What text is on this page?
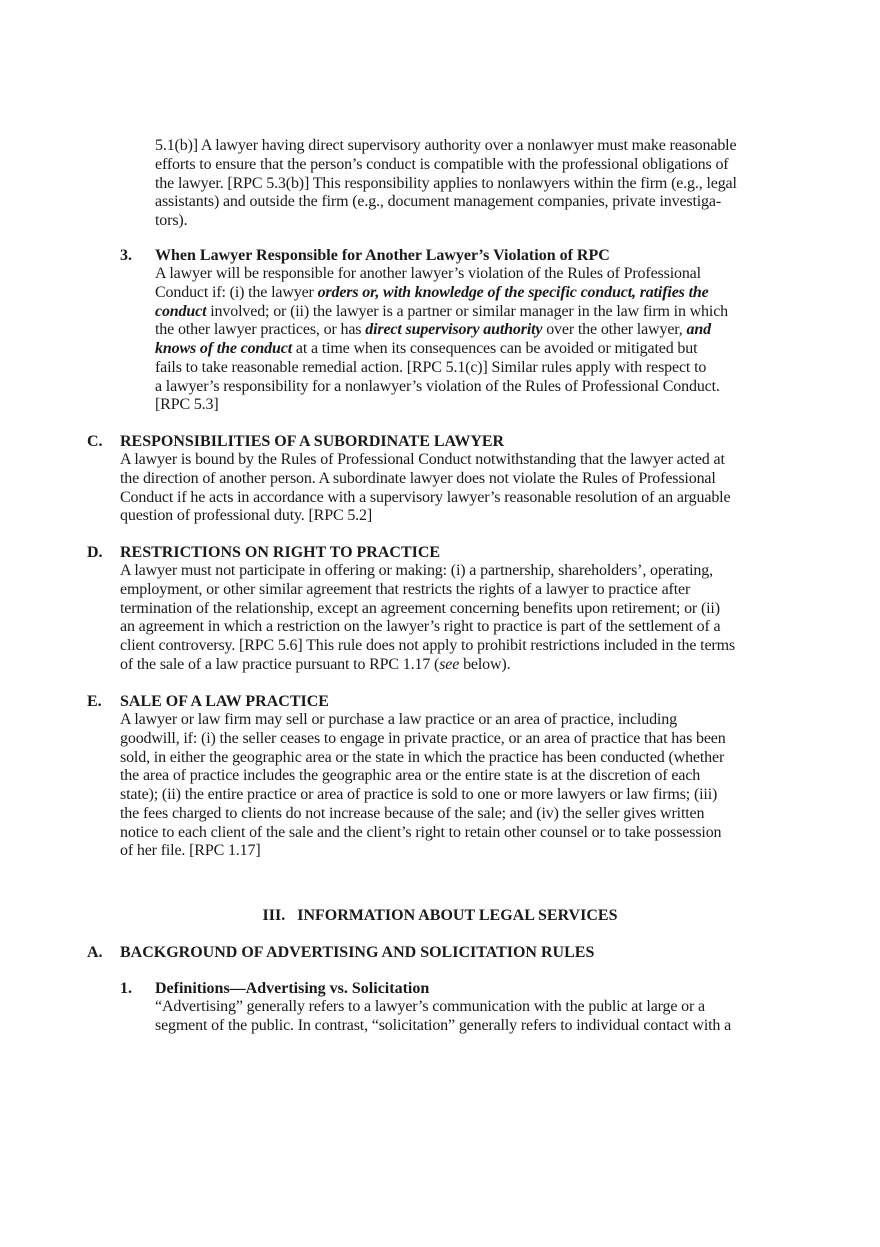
5.1(b)] A lawyer having direct supervisory authority over a nonlawyer must make reasonable
efforts to ensure that the person’s conduct is compatible with the professional obligations of
the lawyer. [RPC 5.3(b)] This responsibility applies to nonlawyers within the firm (e.g., legal
assistants) and outside the firm (e.g., document management companies, private investiga-
tors).
3. When Lawyer Responsible for Another Lawyer’s Violation of RPC
A lawyer will be responsible for another lawyer’s violation of the Rules of Professional
Conduct if: (i) the lawyer orders or, with knowledge of the specific conduct, ratifies the
conduct involved; or (ii) the lawyer is a partner or similar manager in the law firm in which
the other lawyer practices, or has direct supervisory authority over the other lawyer, and
knows of the conduct at a time when its consequences can be avoided or mitigated but
fails to take reasonable remedial action. [RPC 5.1(c)] Similar rules apply with respect to
a lawyer’s responsibility for a nonlawyer’s violation of the Rules of Professional Conduct.
[RPC 5.3]
C. RESPONSIBILITIES OF A SUBORDINATE LAWYER
A lawyer is bound by the Rules of Professional Conduct notwithstanding that the lawyer acted at
the direction of another person. A subordinate lawyer does not violate the Rules of Professional
Conduct if he acts in accordance with a supervisory lawyer’s reasonable resolution of an arguable
question of professional duty. [RPC 5.2]
D. RESTRICTIONS ON RIGHT TO PRACTICE
A lawyer must not participate in offering or making: (i) a partnership, shareholders’, operating,
employment, or other similar agreement that restricts the rights of a lawyer to practice after
termination of the relationship, except an agreement concerning benefits upon retirement; or (ii)
an agreement in which a restriction on the lawyer’s right to practice is part of the settlement of a
client controversy. [RPC 5.6] This rule does not apply to prohibit restrictions included in the terms
of the sale of a law practice pursuant to RPC 1.17 (see below).
E. SALE OF A LAW PRACTICE
A lawyer or law firm may sell or purchase a law practice or an area of practice, including
goodwill, if: (i) the seller ceases to engage in private practice, or an area of practice that has been
sold, in either the geographic area or the state in which the practice has been conducted (whether
the area of practice includes the geographic area or the entire state is at the discretion of each
state); (ii) the entire practice or area of practice is sold to one or more lawyers or law firms; (iii)
the fees charged to clients do not increase because of the sale; and (iv) the seller gives written
notice to each client of the sale and the client’s right to retain other counsel or to take possession
of her file. [RPC 1.17]
III.   INFORMATION ABOUT LEGAL SERVICES
A. BACKGROUND OF ADVERTISING AND SOLICITATION RULES
1. Definitions—Advertising vs. Solicitation
“Advertising” generally refers to a lawyer’s communication with the public at large or a
segment of the public. In contrast, “solicitation” generally refers to individual contact with a
